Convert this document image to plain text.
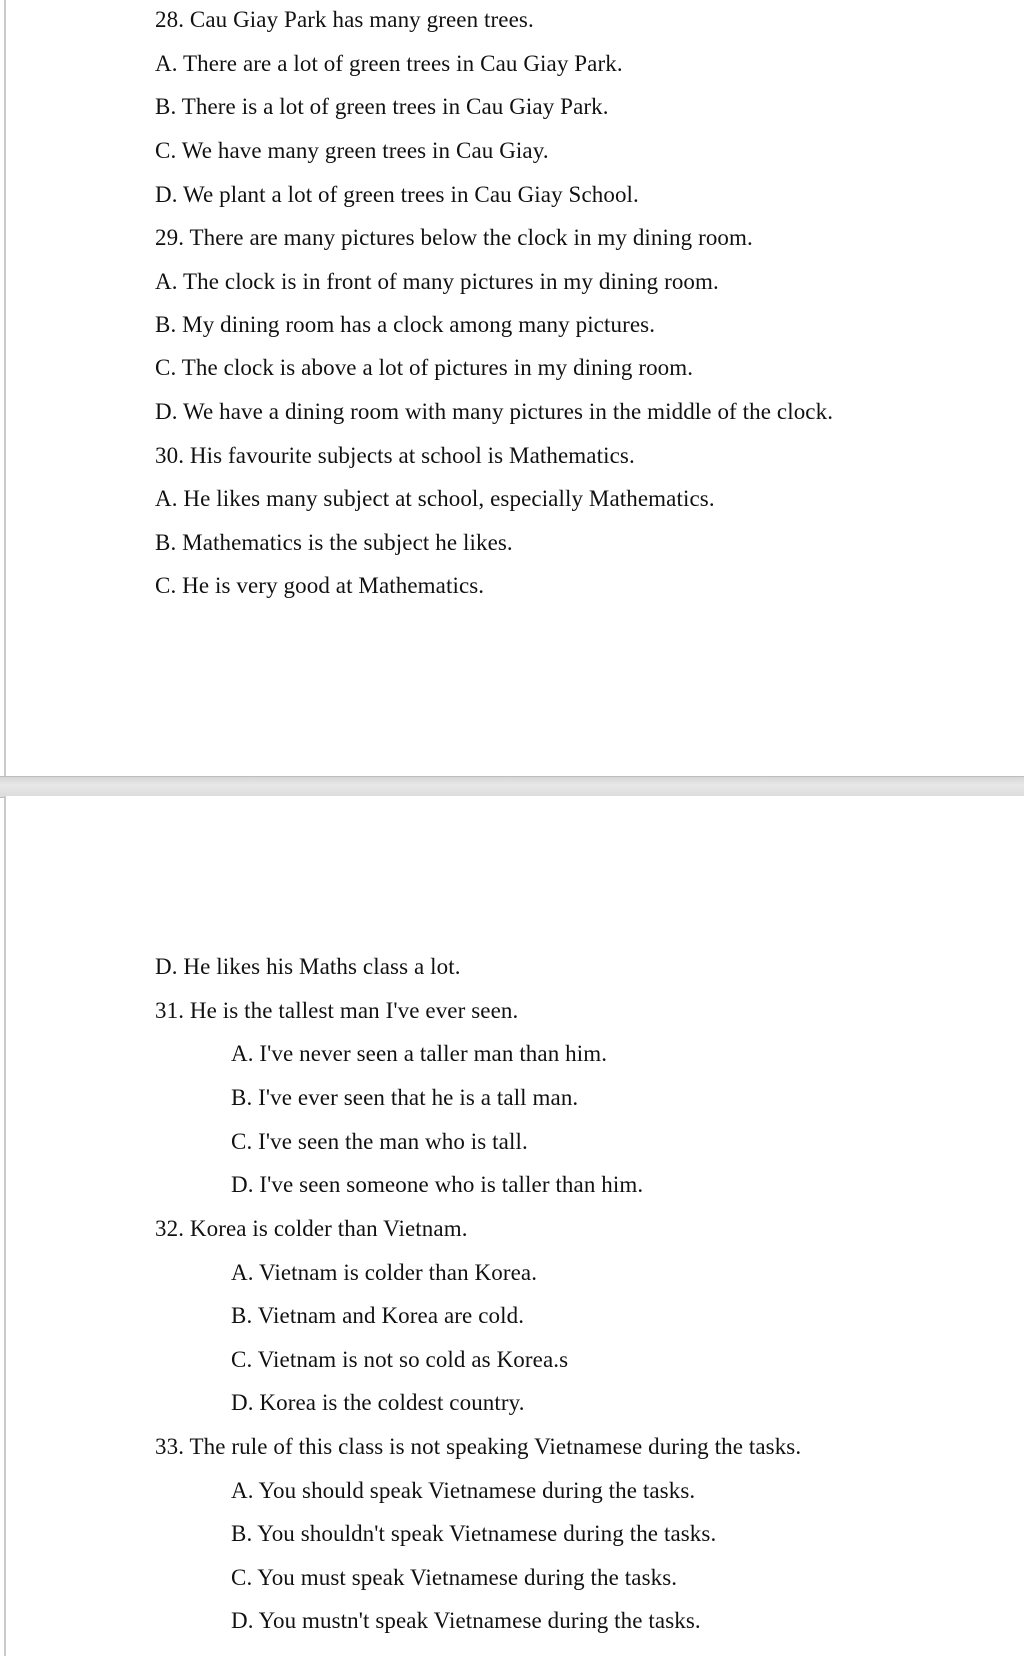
28. Cau Giay Park has many green trees.
A. There are a lot of green trees in Cau Giay Park.
B. There is a lot of green trees in Cau Giay Park.
C. We have many green trees in Cau Giay.
D. We plant a lot of green trees in Cau Giay School.
29. There are many pictures below the clock in my dining room.
A. The clock is in front of many pictures in my dining room.
B. My dining room has a clock among many pictures.
C. The clock is above a lot of pictures in my dining room.
D. We have a dining room with many pictures in the middle of the clock.
30. His favourite subjects at school is Mathematics.
A. He likes many subject at school, especially Mathematics.
B. Mathematics is the subject he likes.
C. He is very good at Mathematics.
D. He likes his Maths class a lot.
31. He is the tallest man I've ever seen.
A. I've never seen a taller man than him.
B. I've ever seen that he is a tall man.
C. I've seen the man who is tall.
D. I've seen someone who is taller than him.
32. Korea is colder than Vietnam.
A. Vietnam is colder than Korea.
B. Vietnam and Korea are cold.
C. Vietnam is not so cold as Korea.s
D. Korea is the coldest country.
33. The rule of this class is not speaking Vietnamese during the tasks.
A. You should speak Vietnamese during the tasks.
B. You shouldn't speak Vietnamese during the tasks.
C. You must speak Vietnamese during the tasks.
D. You mustn't speak Vietnamese during the tasks.
